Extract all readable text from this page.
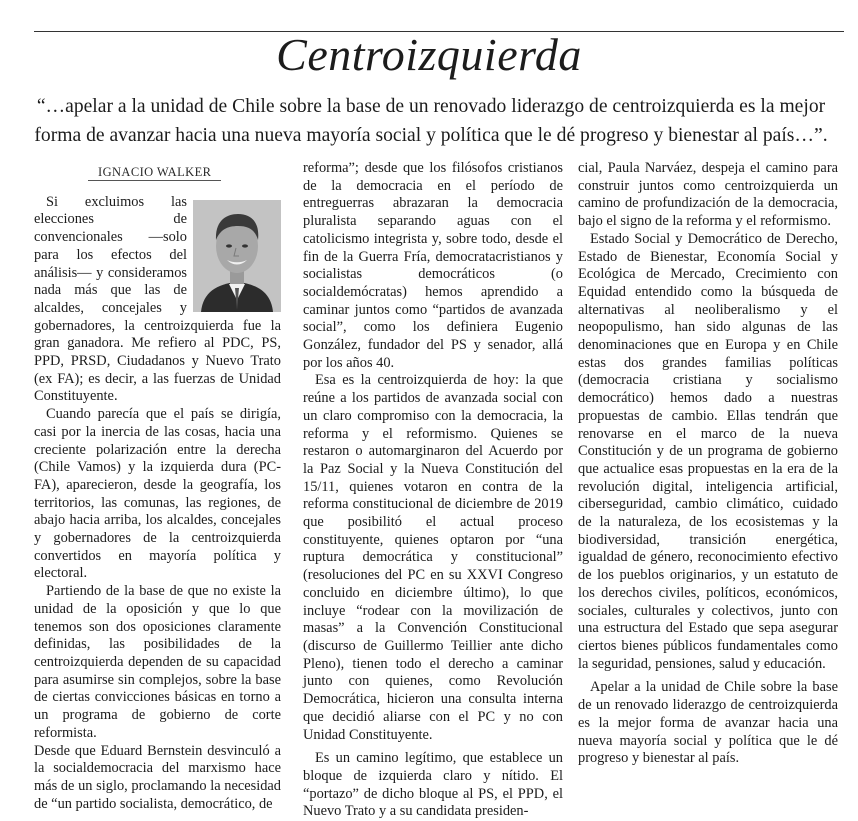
Centroizquierda

“…apelar a la unidad de Chile sobre la base de un renovado liderazgo de centroizquierda es la mejor forma de avanzar hacia una nueva mayoría social y política que le dé progreso y bienestar al país…”.

IGNACIO WALKER

Si excluimos las elecciones de convencionales —solo para los efectos del análisis— y consideramos nada más que las de alcaldes, concejales y gobernadores, la centroizquierda fue la gran ganadora. Me refiero al PDC, PS, PPD, PRSD, Ciudadanos y Nuevo Trato (ex FA); es decir, a las fuerzas de Unidad Constituyente.

Cuando parecía que el país se dirigía, casi por la inercia de las cosas, hacia una creciente polarización entre la derecha (Chile Vamos) y la izquierda dura (PC-FA), aparecieron, desde la geografía, los territorios, las comunas, las regiones, de abajo hacia arriba, los alcaldes, concejales y gobernadores de la centroizquierda convertidos en mayoría política y electoral.

Partiendo de la base de que no existe la unidad de la oposición y que lo que tenemos son dos oposiciones claramente definidas, las posibilidades de la centroizquierda dependen de su capacidad para asumirse sin complejos, sobre la base de ciertas convicciones básicas en torno a un programa de gobierno de corte reformista.

Desde que Eduard Bernstein desvinculó a la socialdemocracia del marxismo hace más de un siglo, proclamando la necesidad de “un partido socialista, democrático, de

reforma”; desde que los filósofos cristianos de la democracia en el período de entreguerras abrazaran la democracia pluralista separando aguas con el catolicismo integrista y, sobre todo, desde el fin de la Guerra Fría, democratacristianos y socialistas democráticos (o socialdemócratas) hemos aprendido a caminar juntos como “partidos de avanzada social”, como los definiera Eugenio González, fundador del PS y senador, allá por los años 40.

Esa es la centroizquierda de hoy: la que reúne a los partidos de avanzada social con un claro compromiso con la democracia, la reforma y el reformismo. Quienes se restaron o automarginaron del Acuerdo por la Paz Social y la Nueva Constitución del 15/11, quienes votaron en contra de la reforma constitucional de diciembre de 2019 que posibilitó el actual proceso constituyente, quienes optaron por “una ruptura democrática y constitucional” (resoluciones del PC en su XXVI Congreso concluido en diciembre último), lo que incluye “rodear con la movilización de masas” a la Convención Constitucional (discurso de Guillermo Teillier ante dicho Pleno), tienen todo el derecho a caminar junto con quienes, como Revolución Democrática, hicieron una consulta interna que decidió aliarse con el PC y no con Unidad Constituyente.

Es un camino legítimo, que establece un bloque de izquierda claro y nítido. El “portazo” de dicho bloque al PS, el PPD, el Nuevo Trato y a su candidata presiden-

cial, Paula Narváez, despeja el camino para construir juntos como centroizquierda un camino de profundización de la democracia, bajo el signo de la reforma y el reformismo.

Estado Social y Democrático de Derecho, Estado de Bienestar, Economía Social y Ecológica de Mercado, Crecimiento con Equidad entendido como la búsqueda de alternativas al neoliberalismo y el neopopulismo, han sido algunas de las denominaciones que en Europa y en Chile estas dos grandes familias políticas (democracia cristiana y socialismo democrático) hemos dado a nuestras propuestas de cambio. Ellas tendrán que renovarse en el marco de la nueva Constitución y de un programa de gobierno que actualice esas propuestas en la era de la revolución digital, inteligencia artificial, ciberseguridad, cambio climático, cuidado de la naturaleza, de los ecosistemas y la biodiversidad, transición energética, igualdad de género, reconocimiento efectivo de los pueblos originarios, y un estatuto de los derechos civiles, políticos, económicos, sociales, culturales y colectivos, junto con una estructura del Estado que sepa asegurar ciertos bienes públicos fundamentales como la seguridad, pensiones, salud y educación.

Apelar a la unidad de Chile sobre la base de un renovado liderazgo de centroizquierda es la mejor forma de avanzar hacia una nueva mayoría social y política que le dé progreso y bienestar al país.
